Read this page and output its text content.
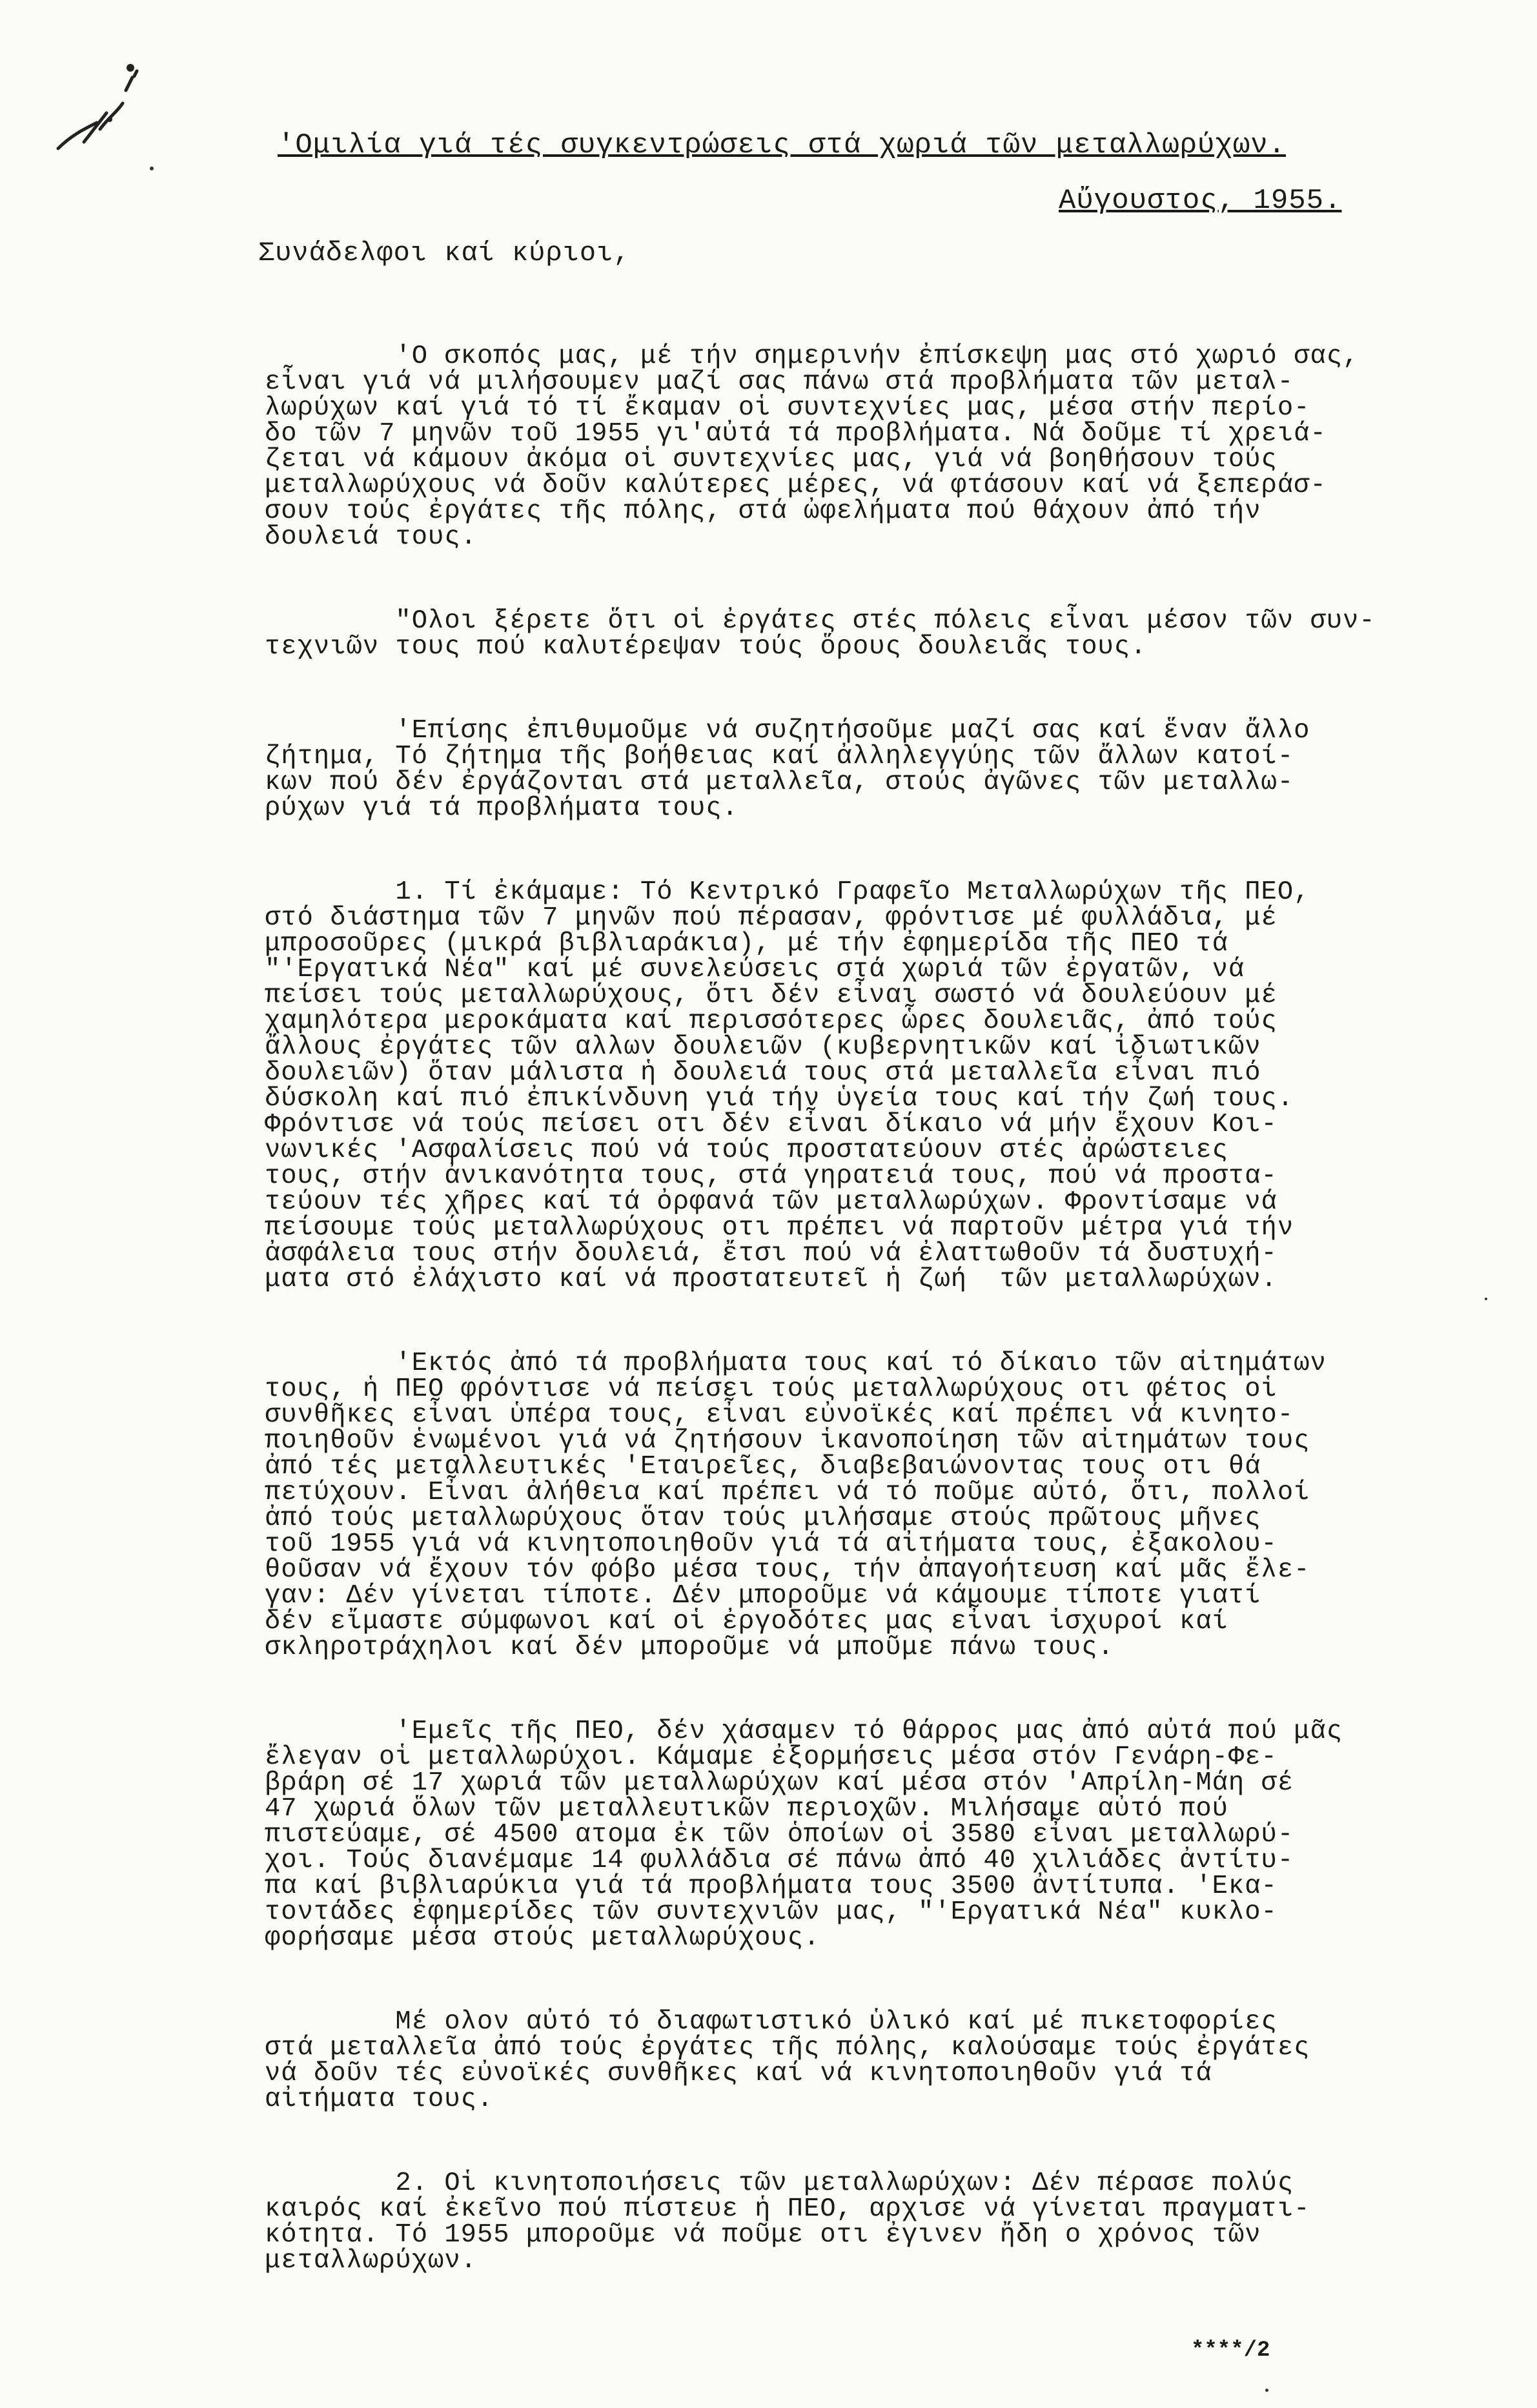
'Ομιλία γιά τές συγκεντρώσεις στά χωριά τῶν μεταλλωρύχων.
Αὔγουστος, 1955.
Συνάδελφοι καί κύριοι,

'Ο σκοπός μας, μέ τήν σημερινήν ἐπίσκεψη μας στό χωριό σας,
εἶναι γιά νά μιλήσουμεν μαζί σας πάνω στά προβλήματα τῶν μεταλ-
λωρύχων καί γιά τό τί ἔκαμαν οἱ συντεχνίες μας, μέσα στήν περίο-
δο τῶν 7 μηνῶν τοῦ 1955 γι'αὐτά τά προβλήματα. Νά δοῦμε τί χρειά-
ζεται νά κάμουν ἀκόμα οἱ συντεχνίες μας, γιά νά βοηθήσουν τούς
μεταλλωρύχους νά δοῦν καλύτερες μέρες, νά φτάσουν καί νά ξεπεράσ-
σουν τούς ἐργάτες τῆς πόλης, στά ὠφελήματα πού θάχουν ἀπό τήν
δουλειά τους.

"Ολοι ξέρετε ὅτι οἱ ἐργάτες στές πόλεις εἶναι μέσον τῶν συν-
τεχνιῶν τους πού καλυτέρεψαν τούς ὅρους δουλειᾶς τους.

'Επίσης ἐπιθυμοῦμε νά συζητήσοῦμε μαζί σας καί ἕναν ἄλλο
ζήτημα, Τό ζήτημα τῆς βοήθειας καί ἀλληλεγγύης τῶν ἄλλων κατοί-
κων πού δέν ἐργάζονται στά μεταλλεῖα, στούς ἀγῶνες τῶν μεταλλω-
ρύχων γιά τά προβλήματα τους.

1. Τί ἐκάμαμε: Τό Κεντρικό Γραφεῖο Μεταλλωρύχων τῆς ΠΕΟ,
στό διάστημα τῶν 7 μηνῶν πού πέρασαν, φρόντισε μέ φυλλάδια, μέ
μπροσοῦρες (μικρά βιβλιαράκια), μέ τήν ἐφημερίδα τῆς ΠΕΟ τά
"'Εργατικά Νέα" καί μέ συνελεύσεις στά χωριά τῶν ἐργατῶν, νά
πείσει τούς μεταλλωρύχους, ὅτι δέν εἶναι σωστό νά δουλεύουν μέ
χαμηλότερα μεροκάματα καί περισσότερες ὧρες δουλειᾶς, ἀπό τούς
ἄλλους ἐργάτες τῶν αλλων δουλειῶν (κυβερνητικῶν καί ἰδιωτικῶν
δουλειῶν) ὅταν μάλιστα ἡ δουλειά τους στά μεταλλεῖα εἶναι πιό
δύσκολη καί πιό ἐπικίνδυνη γιά τήν ὑγεία τους καί τήν ζωή τους.
Φρόντισε νά τούς πείσει οτι δέν εἶναι δίκαιο νά μήν ἔχουν Κοι-
νωνικές 'Ασφαλίσεις πού νά τούς προστατεύουν στές ἀρώστειες
τους, στήν ἀνικανότητα τους, στά γηρατειά τους, πού νά προστα-
τεύουν τές χῆρες καί τά ὀρφανά τῶν μεταλλωρύχων. Φροντίσαμε νά
πείσουμε τούς μεταλλωρύχους οτι πρέπει νά παρτοῦν μέτρα γιά τήν
ἀσφάλεια τους στήν δουλειά, ἔτσι πού νά ἐλαττωθοῦν τά δυστυχή-
ματα στό ἐλάχιστο καί νά προστατευτεῖ ἡ ζωή  τῶν μεταλλωρύχων.

'Εκτός ἀπό τά προβλήματα τους καί τό δίκαιο τῶν αἰτημάτων
τους, ἡ ΠΕΟ φρόντισε νά πείσει τούς μεταλλωρύχους οτι φέτος οἱ
συνθῆκες εἶναι ὑπέρα τους, εἶναι εὐνοϊκές καί πρέπει νά κινητο-
ποιηθοῦν ἑνωμένοι γιά νά ζητήσουν ἱκανοποίηση τῶν αἰτημάτων τους
ἀπό τές μεταλλευτικές 'Εταιρεῖες, διαβεβαιώνοντας τους οτι θά
πετύχουν. Εἶναι ἀλήθεια καί πρέπει νά τό ποῦμε αὐτό, ὅτι, πολλοί
ἀπό τούς μεταλλωρύχους ὅταν τούς μιλήσαμε στούς πρῶτους μῆνες
τοῦ 1955 γιά νά κινητοποιηθοῦν γιά τά αἰτήματα τους, ἐξακολου-
θοῦσαν νά ἔχουν τόν φόβο μέσα τους, τήν ἀπαγοήτευση καί μᾶς ἔλε-
γαν: Δέν γίνεται τίποτε. Δέν μποροῦμε νά κάμουμε τίποτε γιατί
δέν εἴμαστε σύμφωνοι καί οἱ ἐργοδότες μας εἶναι ἰσχυροί καί
σκληροτράχηλοι καί δέν μποροῦμε νά μποῦμε πάνω τους.

'Εμεῖς τῆς ΠΕΟ, δέν χάσαμεν τό θάρρος μας ἀπό αὐτά πού μᾶς
ἔλεγαν οἱ μεταλλωρύχοι. Κάμαμε ἐξορμήσεις μέσα στόν Γενάρη-Φε-
βράρη σέ 17 χωριά τῶν μεταλλωρύχων καί μέσα στόν 'Απρίλη-Μάη σέ
47 χωριά ὅλων τῶν μεταλλευτικῶν περιοχῶν. Μιλήσαμε αὐτό πού
πιστεύαμε, σέ 4500 ατομα ἐκ τῶν ὁποίων οἱ 3580 εἶναι μεταλλωρύ-
χοι. Τούς διανέμαμε 14 φυλλάδια σέ πάνω ἀπό 40 χιλιάδες ἀντίτυ-
πα καί βιβλιαρύκια γιά τά προβλήματα τους 3500 ἀντίτυπα. 'Εκα-
τοντάδες ἐφημερίδες τῶν συντεχνιῶν μας, "'Εργατικά Νέα" κυκλο-
φορήσαμε μέσα στούς μεταλλωρύχους.

Μέ ολον αὐτό τό διαφωτιστικό ὑλικό καί μέ πικετοφορίες
στά μεταλλεῖα ἀπό τούς ἐργάτες τῆς πόλης, καλούσαμε τούς ἐργάτες
νά δοῦν τές εὐνοϊκές συνθῆκες καί νά κινητοποιηθοῦν γιά τά
αἰτήματα τους.

2. Οἱ κινητοποιήσεις τῶν μεταλλωρύχων: Δέν πέρασε πολύς
καιρός καί ἐκεῖνο πού πίστευε ἡ ΠΕΟ, αρχισε νά γίνεται πραγματι-
κότητα. Τό 1955 μποροῦμε νά ποῦμε οτι ἐγινεν ἤδη ο χρόνος τῶν
μεταλλωρύχων.

****/2
